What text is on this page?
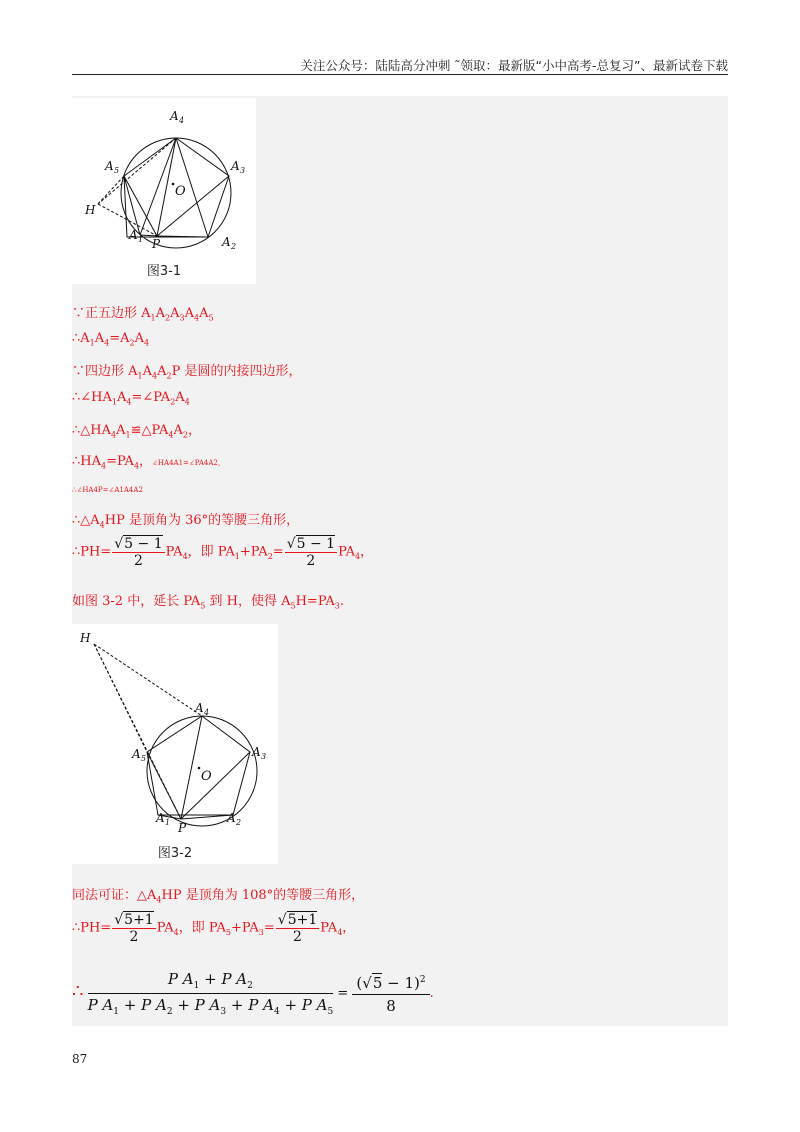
关注公众号：陆陆高分冲刺 ˜领取：最新版“小中高考-总复习”、最新试卷下载
A 4
A 3
A 5
O
H
A 1 P	A 2
图3-1
∵正五边形 $A_1A_2A_3A_4A_5$
$\therefore A_1A_4=A_2A_4$
∵四边形 $A_1A_4A_2P$ 是圆的内接四边形，
$\therefore\angle HA_1A_4=\angle PA_2A_4$
$\therefore\triangle HA_4A_1≌\triangle PA_4A_2$，
$\therefore HA_4=PA_4$，∠HA4A1=∠PA4A2，
∴∠HA4P=∠A1A4A2
$\therefore\triangle A_4HP$ 是顶角为 36°的等腰三角形，
∴PH= $\frac{√5 - 1}{2} PA_4$，即 $PA_1+PA_2= \frac{√5 - 1}{2} PA_4$，
如图 3-2 中，延长 $PA_5$ 到 H，使得 $A_5H=PA_3$.
H
A 4
A 3
A 5
O
A 1 P
A 2
图3-2
同法可证：$\triangle A_4HP$ 是顶角为 108°的等腰三角形，
∴PH= $\frac{√5+1}{2} PA_4$，即 $PA_5+PA_3= \frac{√5+1}{2} PA_4$，
∴ $\frac{P A_1 + P A_2}{P A_1 + P A_2 + P A_3 + P A_4 + P A_5} = \frac{(√5 - 1)^2}{8}$ .
87
